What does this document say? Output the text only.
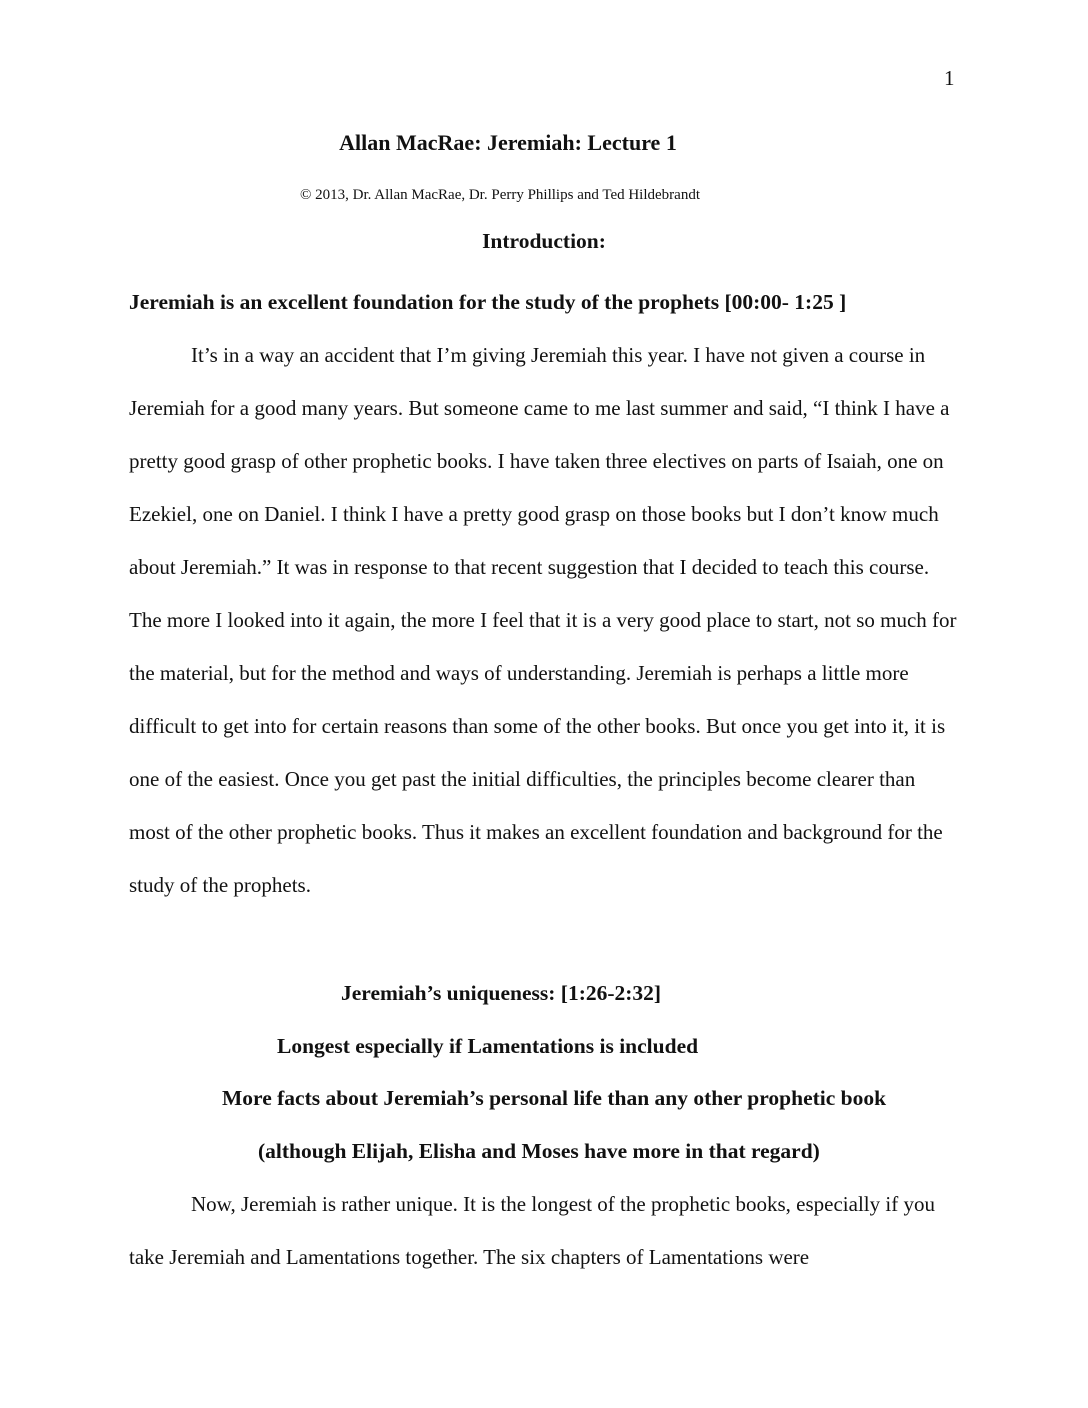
1
Allan MacRae: Jeremiah: Lecture 1
© 2013, Dr. Allan MacRae, Dr. Perry Phillips and Ted Hildebrandt
Introduction:
Jeremiah is an excellent foundation for the study of the prophets [00:00- 1:25 ]

It’s in a way an accident that I’m giving Jeremiah this year. I have not given a course in Jeremiah for a good many years. But someone came to me last summer and said, “I think I have a pretty good grasp of other prophetic books. I have taken three electives on parts of Isaiah, one on Ezekiel, one on Daniel. I think I have a pretty good grasp on those books but I don’t know much about Jeremiah.” It was in response to that recent suggestion that I decided to teach this course. The more I looked into it again, the more I feel that it is a very good place to start, not so much for the material, but for the method and ways of understanding. Jeremiah is perhaps a little more difficult to get into for certain reasons than some of the other books. But once you get into it, it is one of the easiest. Once you get past the initial difficulties, the principles become clearer than most of the other prophetic books. Thus it makes an excellent foundation and background for the study of the prophets.

Jeremiah’s uniqueness: [1:26-2:32]
Longest especially if Lamentations is included
More facts about Jeremiah’s personal life than any other prophetic book
(although Elijah, Elisha and Moses have more in that regard)

Now, Jeremiah is rather unique. It is the longest of the prophetic books, especially if you take Jeremiah and Lamentations together. The six chapters of Lamentations were
